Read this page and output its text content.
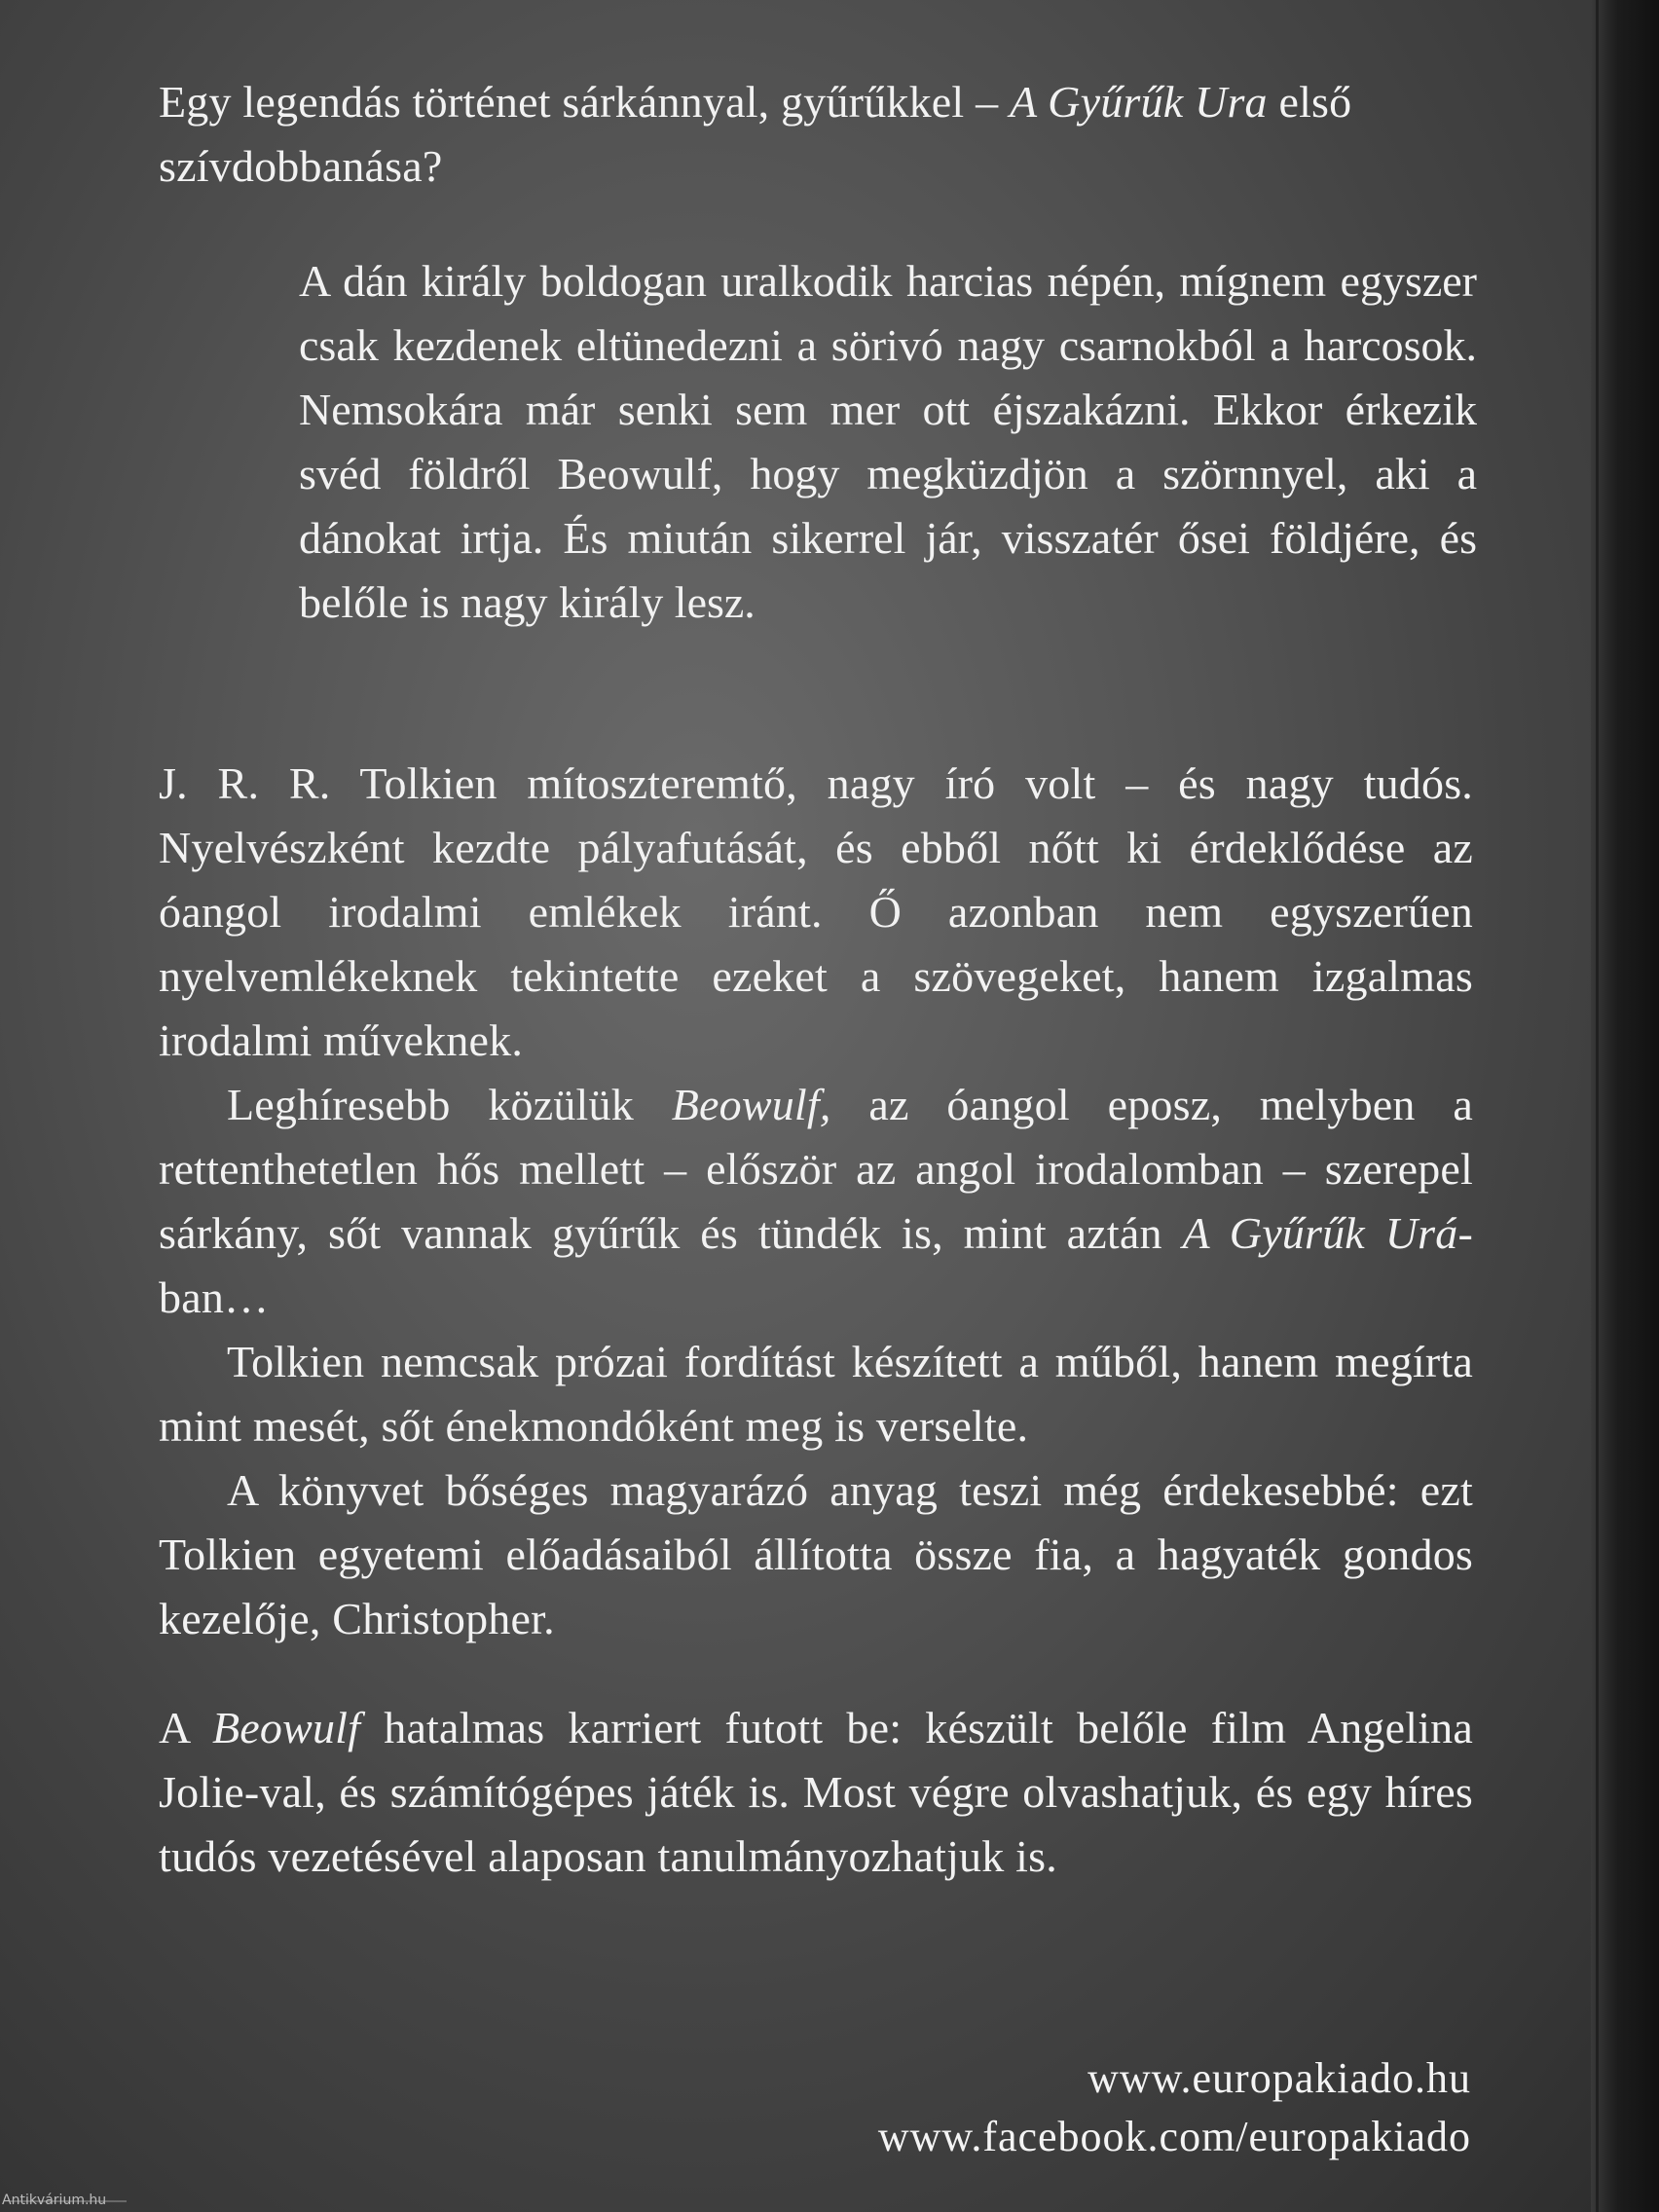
Egy legendás történet sárkánnyal, gyűrűkkel – A Gyűrűk Ura első szívdobbanása?

A dán király boldogan uralkodik harcias népén, mígnem egyszer csak kezdenek eltünedezni a sörivó nagy csarnokból a harcosok. Nemsokára már senki sem mer ott éjszakázni. Ekkor érkezik svéd földről Beowulf, hogy megküzdjön a szörnnyel, aki a dánokat irtja. És miután sikerrel jár, visszatér ősei földjére, és belőle is nagy király lesz.

J. R. R. Tolkien mítoszteremtő, nagy író volt – és nagy tudós. Nyelvészként kezdte pályafutását, és ebből nőtt ki érdeklődése az óangol irodalmi emlékek iránt. Ő azonban nem egyszerűen nyelvemlékeknek tekintette ezeket a szövegeket, hanem izgalmas irodalmi műveknek.

Leghíresebb közülük Beowulf, az óangol eposz, melyben a rettenthetetlen hős mellett – először az angol irodalomban – szerepel sárkány, sőt vannak gyűrűk és tündék is, mint aztán A Gyűrűk Urá-ban…

Tolkien nemcsak prózai fordítást készített a műből, hanem megírta mint mesét, sőt énekmondóként meg is verselte.

A könyvet bőséges magyarázó anyag teszi még érdekesebbé: ezt Tolkien egyetemi előadásaiból állította össze fia, a hagyaték gondos kezelője, Christopher.

A Beowulf hatalmas karriert futott be: készült belőle film Angelina Jolie-val, és számítógépes játék is. Most végre olvashatjuk, és egy híres tudós vezetésével alaposan tanulmányozhatjuk is.

www.europakiado.hu
www.facebook.com/europakiado
Antikvárium.hu
